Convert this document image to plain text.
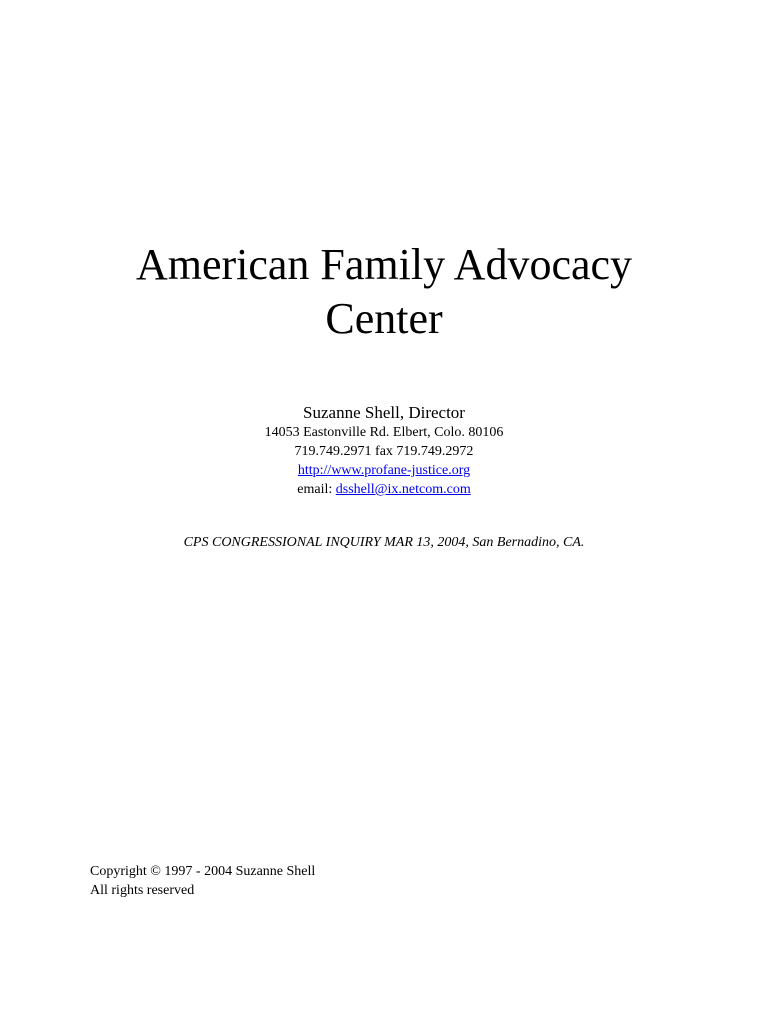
American Family Advocacy
Center
Suzanne Shell, Director
14053 Eastonville Rd. Elbert, Colo. 80106
719.749.2971 fax 719.749.2972
http://www.profane-justice.org
email: dsshell@ix.netcom.com
CPS CONGRESSIONAL INQUIRY MAR 13, 2004, San Bernadino, CA.
Copyright © 1997 - 2004 Suzanne Shell
All rights reserved
